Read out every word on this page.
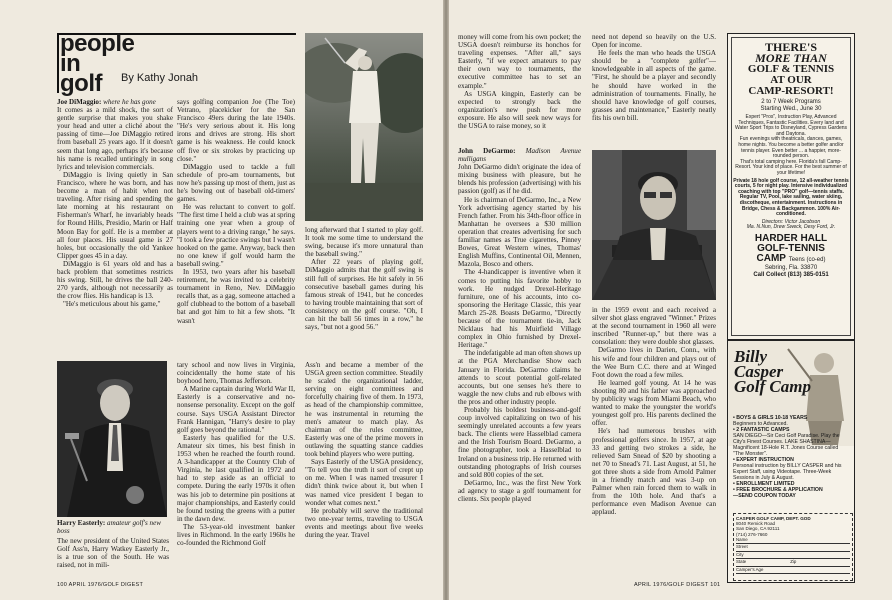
people
in
golf	By Kathy Jonah

Joe DiMaggio: where he has gone

It comes as a mild shock, the sort of gentle surprise that makes you shake your head and utter a cliché about the passing of time—Joe DiMaggio retired from baseball 25 years ago. If it doesn't seem that long ago, perhaps it's because his name is recalled untiringly in song lyrics and television commercials.

DiMaggio is living quietly in San Francisco, where he was born, and has become a man of habit when not traveling. After rising and spending the late morning at his restaurant on Fisherman's Wharf, he invariably heads for Round Hills, Presidio, Marin or Half Moon Bay for golf. He is a member at all four places. His usual game is 27 holes, but occasionally the old Yankee Clipper goes 45 in a day.

DiMaggio is 61 years old and has a back problem that sometimes restricts his swing. Still, he drives the ball 240-270 yards, although not necessarily as the crow flies. His handicap is 13.

"He's meticulous about his game,"

says golfing companion Joe (The Toe) Vetrano, placekicker for the San Francisco 49ers during the late 1940s. "He's very serious about it. His long irons and drives are strong. His short game is his weakness. He could knock off five or six strokes by practicing up close."

DiMaggio used to tackle a full schedule of pro-am tournaments, but now he's passing up most of them, just as he's bowing out of baseball old-timers' games.

He was reluctant to convert to golf. "The first time I held a club was at spring training one year when a group of players went to a driving range," he says. "I took a few practice swings but I wasn't hooked on the game. Anyway, back then no one knew if golf would harm the baseball swing."

In 1953, two years after his baseball retirement, he was invited to a celebrity tournament in Reno, Nev. DiMaggio recalls that, as a gag, someone attached a golf clubhead to the bottom of a baseball bat and got him to hit a few shots. "It wasn't

long afterward that I started to play golf. It took me some time to understand the swing, because it's more unnatural than the baseball swing."

After 22 years of playing golf, DiMaggio admits that the golf swing is still full of surprises. He hit safely in 56 consecutive baseball games during his famous streak of 1941, but he concedes to having trouble maintaining that sort of consistency on the golf course. "Oh, I can hit the ball 56 times in a row," he says, "but not a good 56."

Harry Easterly: amateur golf's new boss

The new president of the United States Golf Ass'n, Harry Watkey Easterly Jr., is a true son of the South. He was raised, not in mili-

tary school and now lives in Virginia, coincidentally the home state of his boyhood hero, Thomas Jefferson.

A Marine captain during World War II, Easterly is a conservative and no-nonsense personality. Except on the golf course. Says USGA Assistant Director Frank Hannigan, "Harry's desire to play golf goes beyond the rational."

Easterly has qualified for the U.S. Amateur six times, his best finish in 1953 when he reached the fourth round. A 3-handicapper at the Country Club of Virginia, he last qualified in 1972 and had to step aside as an official to compete. During the early 1970s it often was his job to determine pin positions at major championships, and Easterly could be found testing the greens with a putter in the dawn dew.

The 53-year-old investment banker lives in Richmond. In the early 1960s he co-founded the Richmond Golf

Ass'n and became a member of the USGA green section committee. Steadily he scaled the organizational ladder, serving on eight committees and forcefully chairing five of them. In 1973, as head of the championship committee, he was instrumental in returning the men's amateur to match play. As chairman of the rules committee, Easterly was one of the prime movers in outlawing the squatting stance caddies took behind players who were putting.

Says Easterly of the USGA presidency, "To tell you the truth it sort of crept up on me. When I was named treasurer I didn't think twice about it, but when I was named vice president I began to wonder what comes next."

He probably will serve the traditional two one-year terms, traveling to USGA events and meetings about five weeks during the year. Travel

100 APRIL 1976/GOLF DIGEST

money will come from his own pocket; the USGA doesn't reimburse its honchos for traveling expenses. "After all," says Easterly, "if we expect amateurs to pay their own way to tournaments, the executive committee has to set an example."

As USGA kingpin, Easterly can be expected to strongly back the organization's new push for more exposure. He also will seek new ways for the USGA to raise money, so it

John DeGarmo: Madison Avenue mulligans

John DeGarmo didn't originate the idea of mixing business with pleasure, but he blends his profession (advertising) with his passion (golf) as if he did.

He is chairman of DeGarmo, Inc., a New York advertising agency started by his French father. From his 34th-floor office in Manhattan he oversees a $30 million operation that creates advertising for such familiar names as True cigarettes, Pinney Bowes, Great Western wines, Thomas' English Muffins, Continental Oil, Mennen, Mazola, Bosco and others.

The 4-handicapper is inventive when it comes to putting his favorite hobby to work. He nudged Drexel-Heritage furniture, one of his accounts, into co-sponsoring the Heritage Classic, this year March 25-28. Boasts DeGarmo, "Directly because of the tournament tie-in, Jack Nicklaus had his Muirfield Village complex in Ohio furnished by Drexel-Heritage."

The indefatigable ad man often shows up at the PGA Merchandise Show each January in Florida. DeGarmo claims he attends to scout potential golf-related accounts, but one senses he's there to waggle the new clubs and rub elbows with the pros and other industry people.

Probably his boldest business-and-golf coup involved capitalizing on two of his seemingly unrelated accounts a few years back. The clients were Hasselblad camera and the Irish Tourism Board. DeGarmo, a fine photographer, took a Hasselblad to Ireland on a business trip. He returned with outstanding photographs of Irish courses and sold 800 copies of the set.

DeGarmo, Inc., was the first New York ad agency to stage a golf tournament for clients. Six people played

need not depend so heavily on the U.S. Open for income.

He feels the man who heads the USGA should be a "complete golfer"—knowledgeable in all aspects of the game. "First, he should be a player and secondly he should have worked in the administration of tournaments. Finally, he should have knowledge of golf courses, grasses and maintenance," Easterly neatly fits his own bill.

in the 1959 event and each received a silver shot glass engraved "Winner." Prizes at the second tournament in 1960 all were inscribed "Runner-up," but there was a consolation: they were double shot glasses.

DeGarmo lives in Darien, Conn., with his wife and four children and plays out of the Wee Burn C.C. there and at Winged Foot down the road a few miles.

He learned golf young. At 14 he was shooting 80 and his father was approached by publicity wags from Miami Beach, who wanted to make the youngster the world's youngest golf pro. His parents declined the offer.

He's had numerous brushes with professional golfers since. In 1957, at age 33 and getting two strokes a side, he relieved Sam Snead of $20 by shooting a net 70 to Snead's 71. Last August, at 51, he got three shots a side from Arnold Palmer in a friendly match and was 3-up on Palmer when rain forced them to walk in from the 10th hole. And that's a performance even Madison Avenue can applaud.

APRIL 1976/GOLF DIGEST 101
THERE'S
MORE THAN
GOLF & TENNIS
AT OUR
CAMP-RESORT!
2 to 7 Week Programs
Starting Wed., June 30
Expert "Pros", Instruction Play, Advanced Techniques, Fantastic Facilities. Every land and Water Sport Trips to Disneyland, Cypress Gardens and Daytona.
Fun evenings with theatricals, dances, games, home nights. You become a better golfer and/or tennis player. Even better ... a happier, more-rounded person.
That's total camping here. Florida's fall Camp-Resort. Your kind of place. For the best summer of your lifetime!
Private 18 hole golf course, 12 all-weather tennis courts, 5 for night play. Intensive individualized coaching with top "PRO" golf—tennis staffs. Regular TV, Pool, lake sailing, water skiing, discotheque, entertainment. Instructions in Bridge, Chess & Backgammon. 100% Air-conditioned.
Directors: Victor Jacobson
Ma. N.Nun, Drew Sweck, Desy Ford, Jr.
HARDER HALL
GOLF-TENNIS
CAMP Teens (co-ed)
Sebring, Fla. 33870
Call Collect (813) 385-0151
Billy
Casper
Golf Camp
• BOYS & GIRLS 10-18 YEARS
Beginners to Advanced.
• 2 FANTASTIC CAMPS
SAN DIEGO—Sir Ceci Golf Paradise. Play the City's Finest Courses. LAKE SHASTINA—Magnificent 18-Hole R.T. Jones Course called "The Monster".
• EXPERT INSTRUCTION
Personal instruction by BILLY CASPER and his Expert Staff, using Videotape. Three-Week Sessions in July & August.
• ENROLLMENT LIMITED
• FREE BROCHURE & APPLICATION
—SEND COUPON TODAY
CASPER GOLF CAMP, DEPT. GOD
8040 Remick Road
San Diego, CA 92111
(714) 276-7660
Name
Street
City
State	Zip
Camper's Age
